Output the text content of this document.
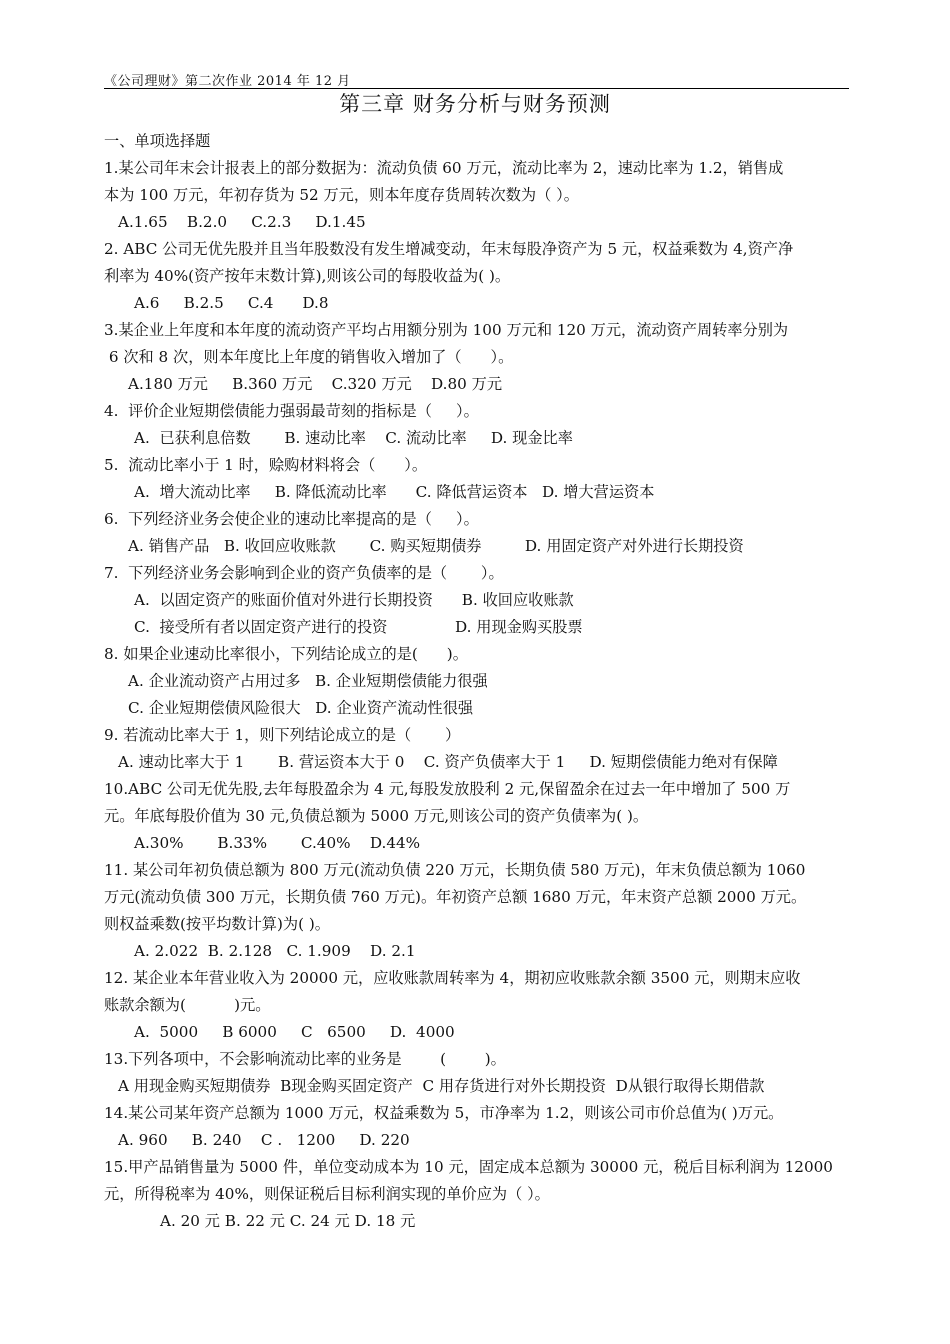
《公司理财》第二次作业 2014 年 12 月
第三章 财务分析与财务预测
一、单项选择题
1.某公司年末会计报表上的部分数据为：流动负债 60 万元，流动比率为 2，速动比率为 1.2，销售成
本为 100 万元，年初存货为 52 万元，则本年度存货周转次数为（ ）。
A.1.65    B.2.0     C.2.3     D.1.45
2. ABC 公司无优先股并且当年股数没有发生增减变动，年末每股净资产为 5 元，权益乘数为 4,资产净
利率为 40%(资产按年末数计算),则该公司的每股收益为( )。
A.6     B.2.5     C.4      D.8
3.某企业上年度和本年度的流动资产平均占用额分别为 100 万元和 120 万元，流动资产周转率分别为
6 次和 8 次，则本年度比上年度的销售收入增加了（      ）。
A.180 万元     B.360 万元    C.320 万元    D.80 万元
4.  评价企业短期偿债能力强弱最苛刻的指标是（     ）。
A.  已获利息倍数       B. 速动比率    C. 流动比率     D. 现金比率
5.  流动比率小于 1 时，赊购材料将会（      ）。
A.  增大流动比率     B. 降低流动比率      C. 降低营运资本   D. 增大营运资本
6.  下列经济业务会使企业的速动比率提高的是（     ）。
A. 销售产品   B. 收回应收账款       C. 购买短期债券         D. 用固定资产对外进行长期投资
7.  下列经济业务会影响到企业的资产负债率的是（       ）。
A.  以固定资产的账面价值对外进行长期投资      B. 收回应收账款
C.  接受所有者以固定资产进行的投资              D. 用现金购买股票
8. 如果企业速动比率很小，下列结论成立的是(      )。
A. 企业流动资产占用过多   B. 企业短期偿债能力很强
C. 企业短期偿债风险很大   D. 企业资产流动性很强
9. 若流动比率大于 1，则下列结论成立的是（       ）
A. 速动比率大于 1       B. 营运资本大于 0    C. 资产负债率大于 1     D. 短期偿债能力绝对有保障
10.ABC 公司无优先股,去年每股盈余为 4 元,每股发放股利 2 元,保留盈余在过去一年中增加了 500 万
元。年底每股价值为 30 元,负债总额为 5000 万元,则该公司的资产负债率为( )。
A.30%       B.33%       C.40%    D.44%
11. 某公司年初负债总额为 800 万元(流动负债 220 万元，长期负债 580 万元)，年末负债总额为 1060
万元(流动负债 300 万元，长期负债 760 万元)。年初资产总额 1680 万元，年末资产总额 2000 万元。
则权益乘数(按平均数计算)为( )。
A. 2.022  B. 2.128   C. 1.909    D. 2.1
12. 某企业本年营业收入为 20000 元，应收账款周转率为 4，期初应收账款余额 3500 元，则期末应收
账款余额为(          )元。
A.  5000     B 6000     C   6500     D.  4000
13.下列各项中，不会影响流动比率的业务是        (        )。
A 用现金购买短期债券  B现金购买固定资产  C 用存货进行对外长期投资  D从银行取得长期借款
14.某公司某年资产总额为 1000 万元，权益乘数为 5，市净率为 1.2，则该公司市价总值为( )万元。
A. 960     B. 240    C .   1200     D. 220
15.甲产品销售量为 5000 件，单位变动成本为 10 元，固定成本总额为 30000 元，税后目标利润为 12000
元，所得税率为 40%，则保证税后目标利润实现的单价应为（ ）。
A. 20 元 B. 22 元 C. 24 元 D. 18 元
